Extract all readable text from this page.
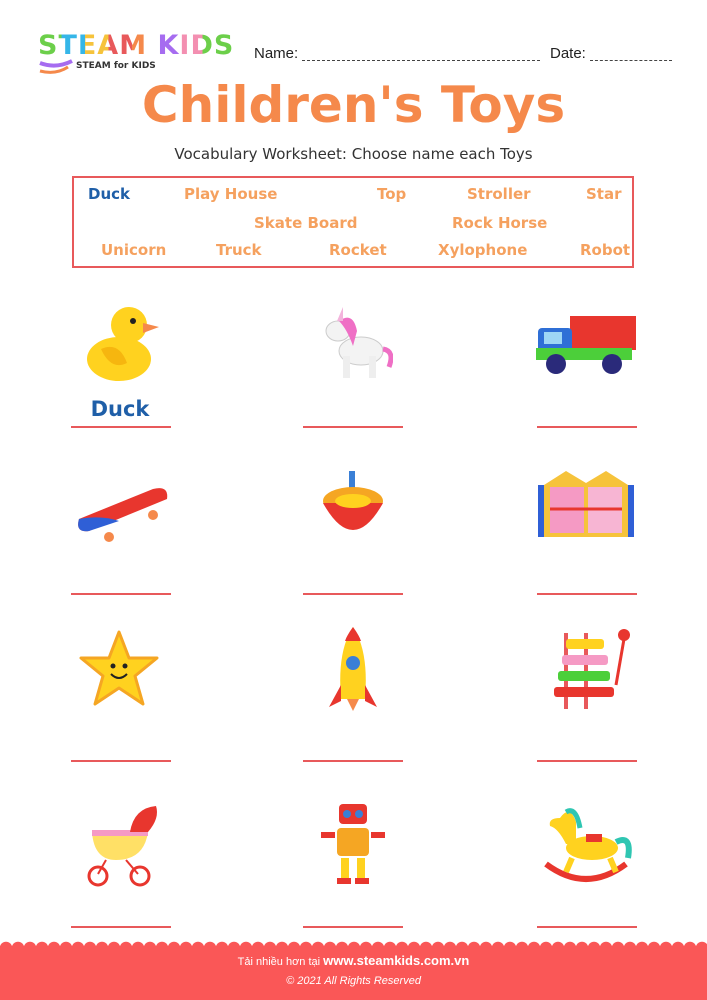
STEAM KIDS
STEAM for KIDS
Name:	Date:
Children's Toys
Vocabulary Worksheet: Choose name each Toys
Duck	Play House	Top	Stroller	Star
Skate Board	Rock Horse
Unicorn	Truck	Rocket	Xylophone	Robot
Duck
Tải nhiều hơn tại www.steamkids.com.vn
© 2021 All Rights Reserved
